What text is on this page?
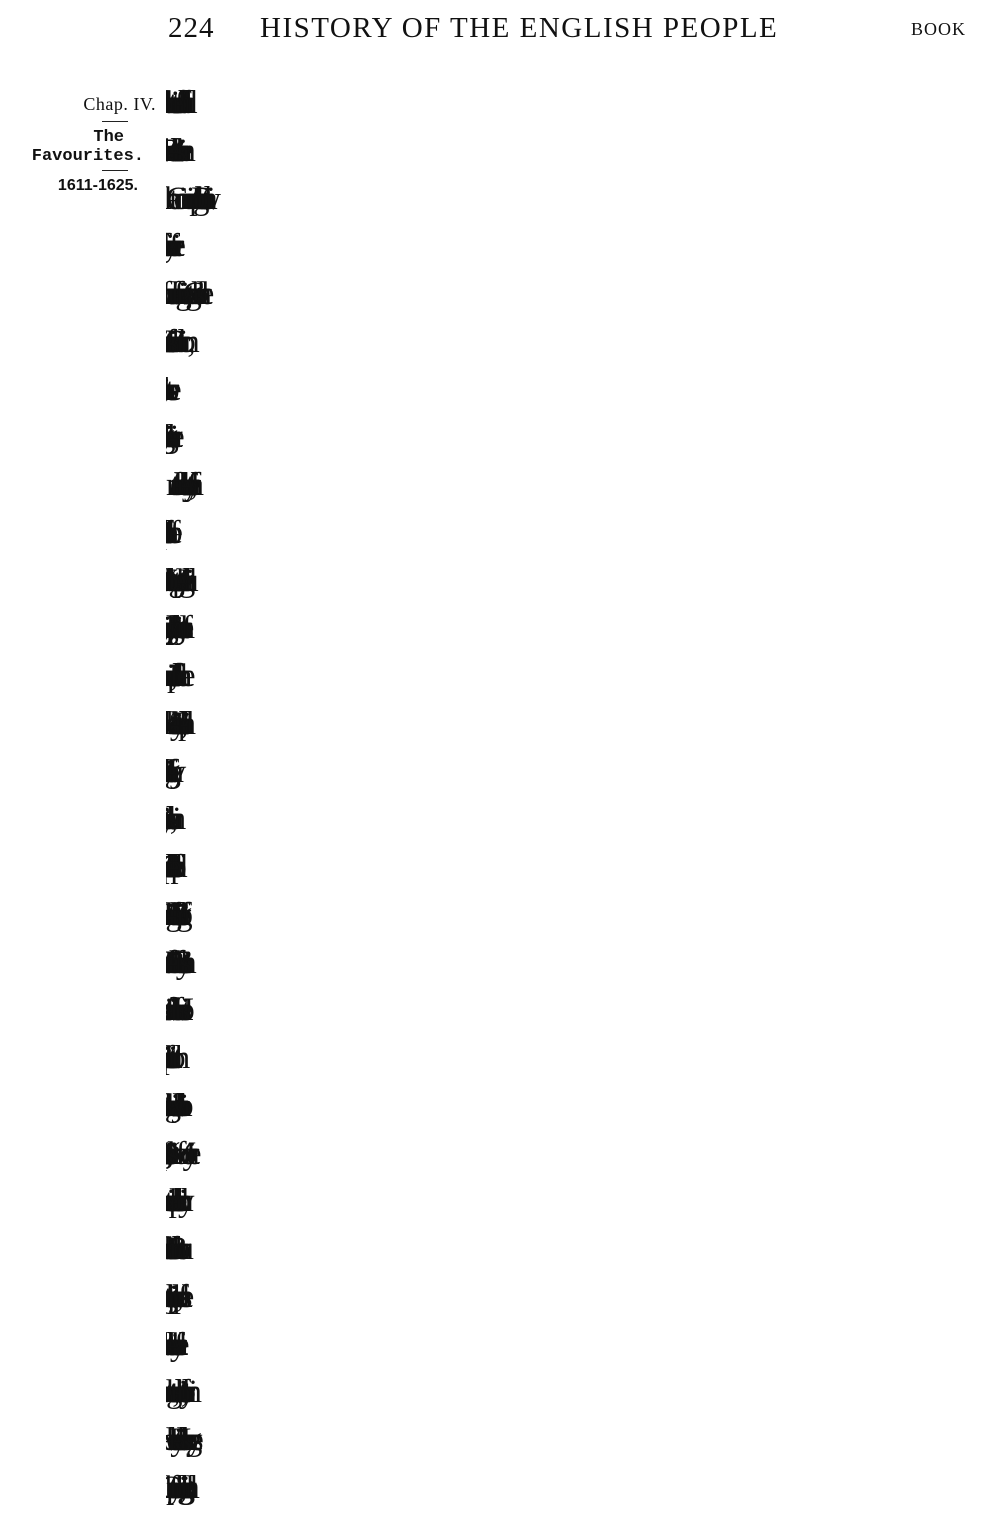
224 HISTORY OF THE ENGLISH PEOPLE	BOOK
Chap. IV.
The
Favourites.
1611-1625.
whitest wool” when the storm burst. The
Commons charged Bacon with corruption in the
among Chancellors to receive gifts from successful
certain, had taken such gifts from men whose
suits were still unsettled; and though his judge-
ment may have been unaffected by them, the fact
plainly and ingenuously confess that I am guilty
of corruption, and do renounce all defence. I
beseech your Lordships,” he added, “to be merci-
laid on him was remitted by the Crown, he was
which his ambition had so long torn him away.
never increased towards him by his place or
honours. But I have and do reverence him for
his greatness that was only proper to himself, in
prayed that God would give him strength; for
